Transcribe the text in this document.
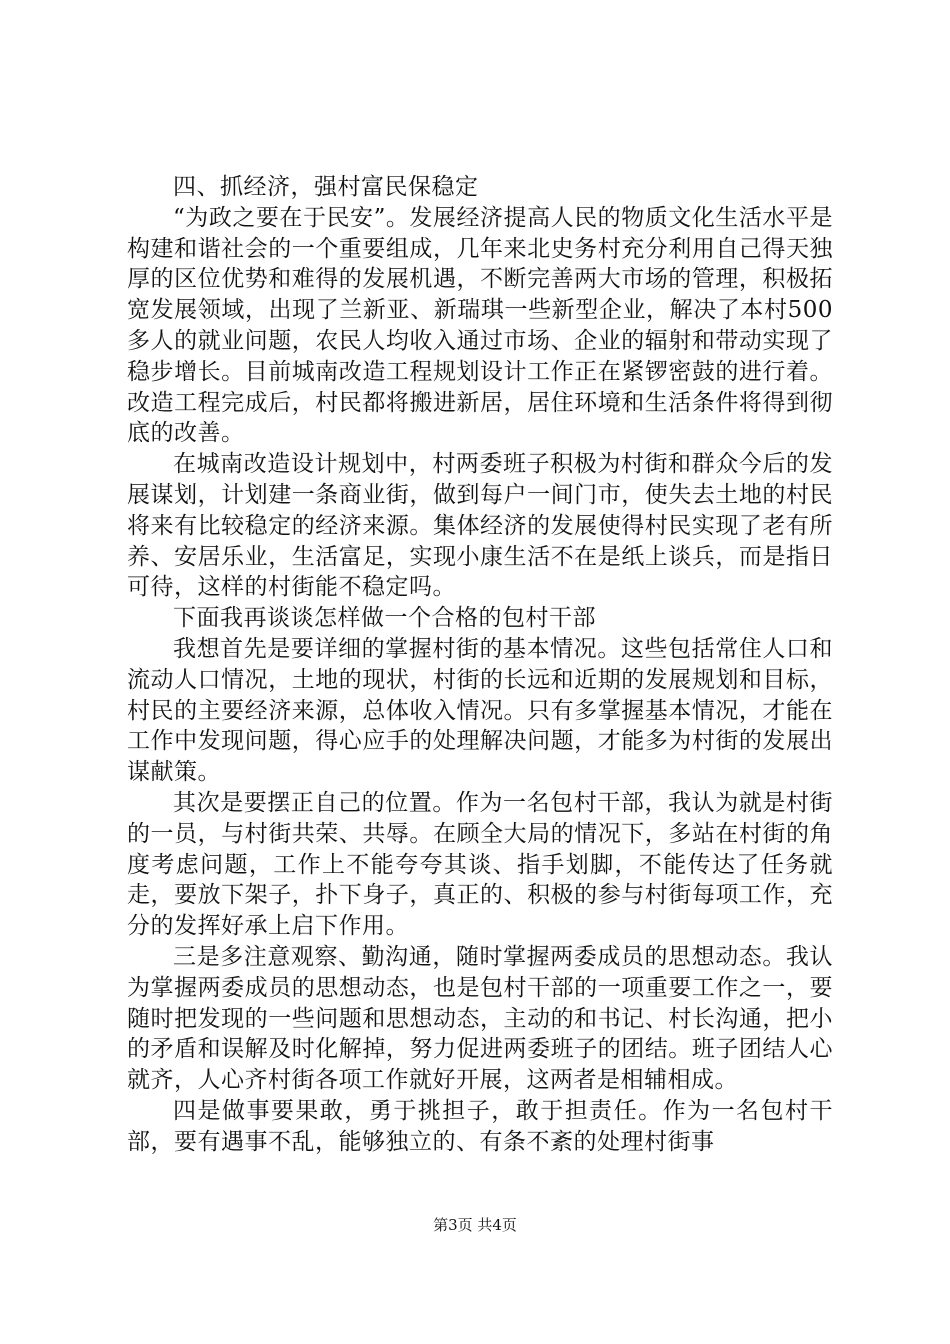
四、抓经济，强村富民保稳定

“为政之要在于民安”。发展经济提高人民的物质文化生活水平是构建和谐社会的一个重要组成，几年来北史务村充分利用自己得天独厚的区位优势和难得的发展机遇，不断完善两大市场的管理，积极拓宽发展领域，出现了兰新亚、新瑞琪一些新型企业，解决了本村500多人的就业问题，农民人均收入通过市场、企业的辐射和带动实现了稳步增长。目前城南改造工程规划设计工作正在紧锣密鼓的进行着。改造工程完成后，村民都将搬进新居，居住环境和生活条件将得到彻底的改善。

在城南改造设计规划中，村两委班子积极为村街和群众今后的发展谋划，计划建一条商业街，做到每户一间门市，使失去土地的村民将来有比较稳定的经济来源。集体经济的发展使得村民实现了老有所养、安居乐业，生活富足，实现小康生活不在是纸上谈兵，而是指日可待，这样的村街能不稳定吗。

下面我再谈谈怎样做一个合格的包村干部

我想首先是要详细的掌握村街的基本情况。这些包括常住人口和流动人口情况，土地的现状，村街的长远和近期的发展规划和目标，村民的主要经济来源，总体收入情况。只有多掌握基本情况，才能在工作中发现问题，得心应手的处理解决问题，才能多为村街的发展出谋献策。

其次是要摆正自己的位置。作为一名包村干部，我认为就是村街的一员，与村街共荣、共辱。在顾全大局的情况下，多站在村街的角度考虑问题，工作上不能夸夸其谈、指手划脚，不能传达了任务就走，要放下架子，扑下身子，真正的、积极的参与村街每项工作，充分的发挥好承上启下作用。

三是多注意观察、勤沟通，随时掌握两委成员的思想动态。我认为掌握两委成员的思想动态，也是包村干部的一项重要工作之一，要随时把发现的一些问题和思想动态，主动的和书记、村长沟通，把小的矛盾和误解及时化解掉，努力促进两委班子的团结。班子团结人心就齐，人心齐村街各项工作就好开展，这两者是相辅相成。

四是做事要果敢，勇于挑担子，敢于担责任。作为一名包村干部，要有遇事不乱，能够独立的、有条不紊的处理村街事

第3页 共4页
